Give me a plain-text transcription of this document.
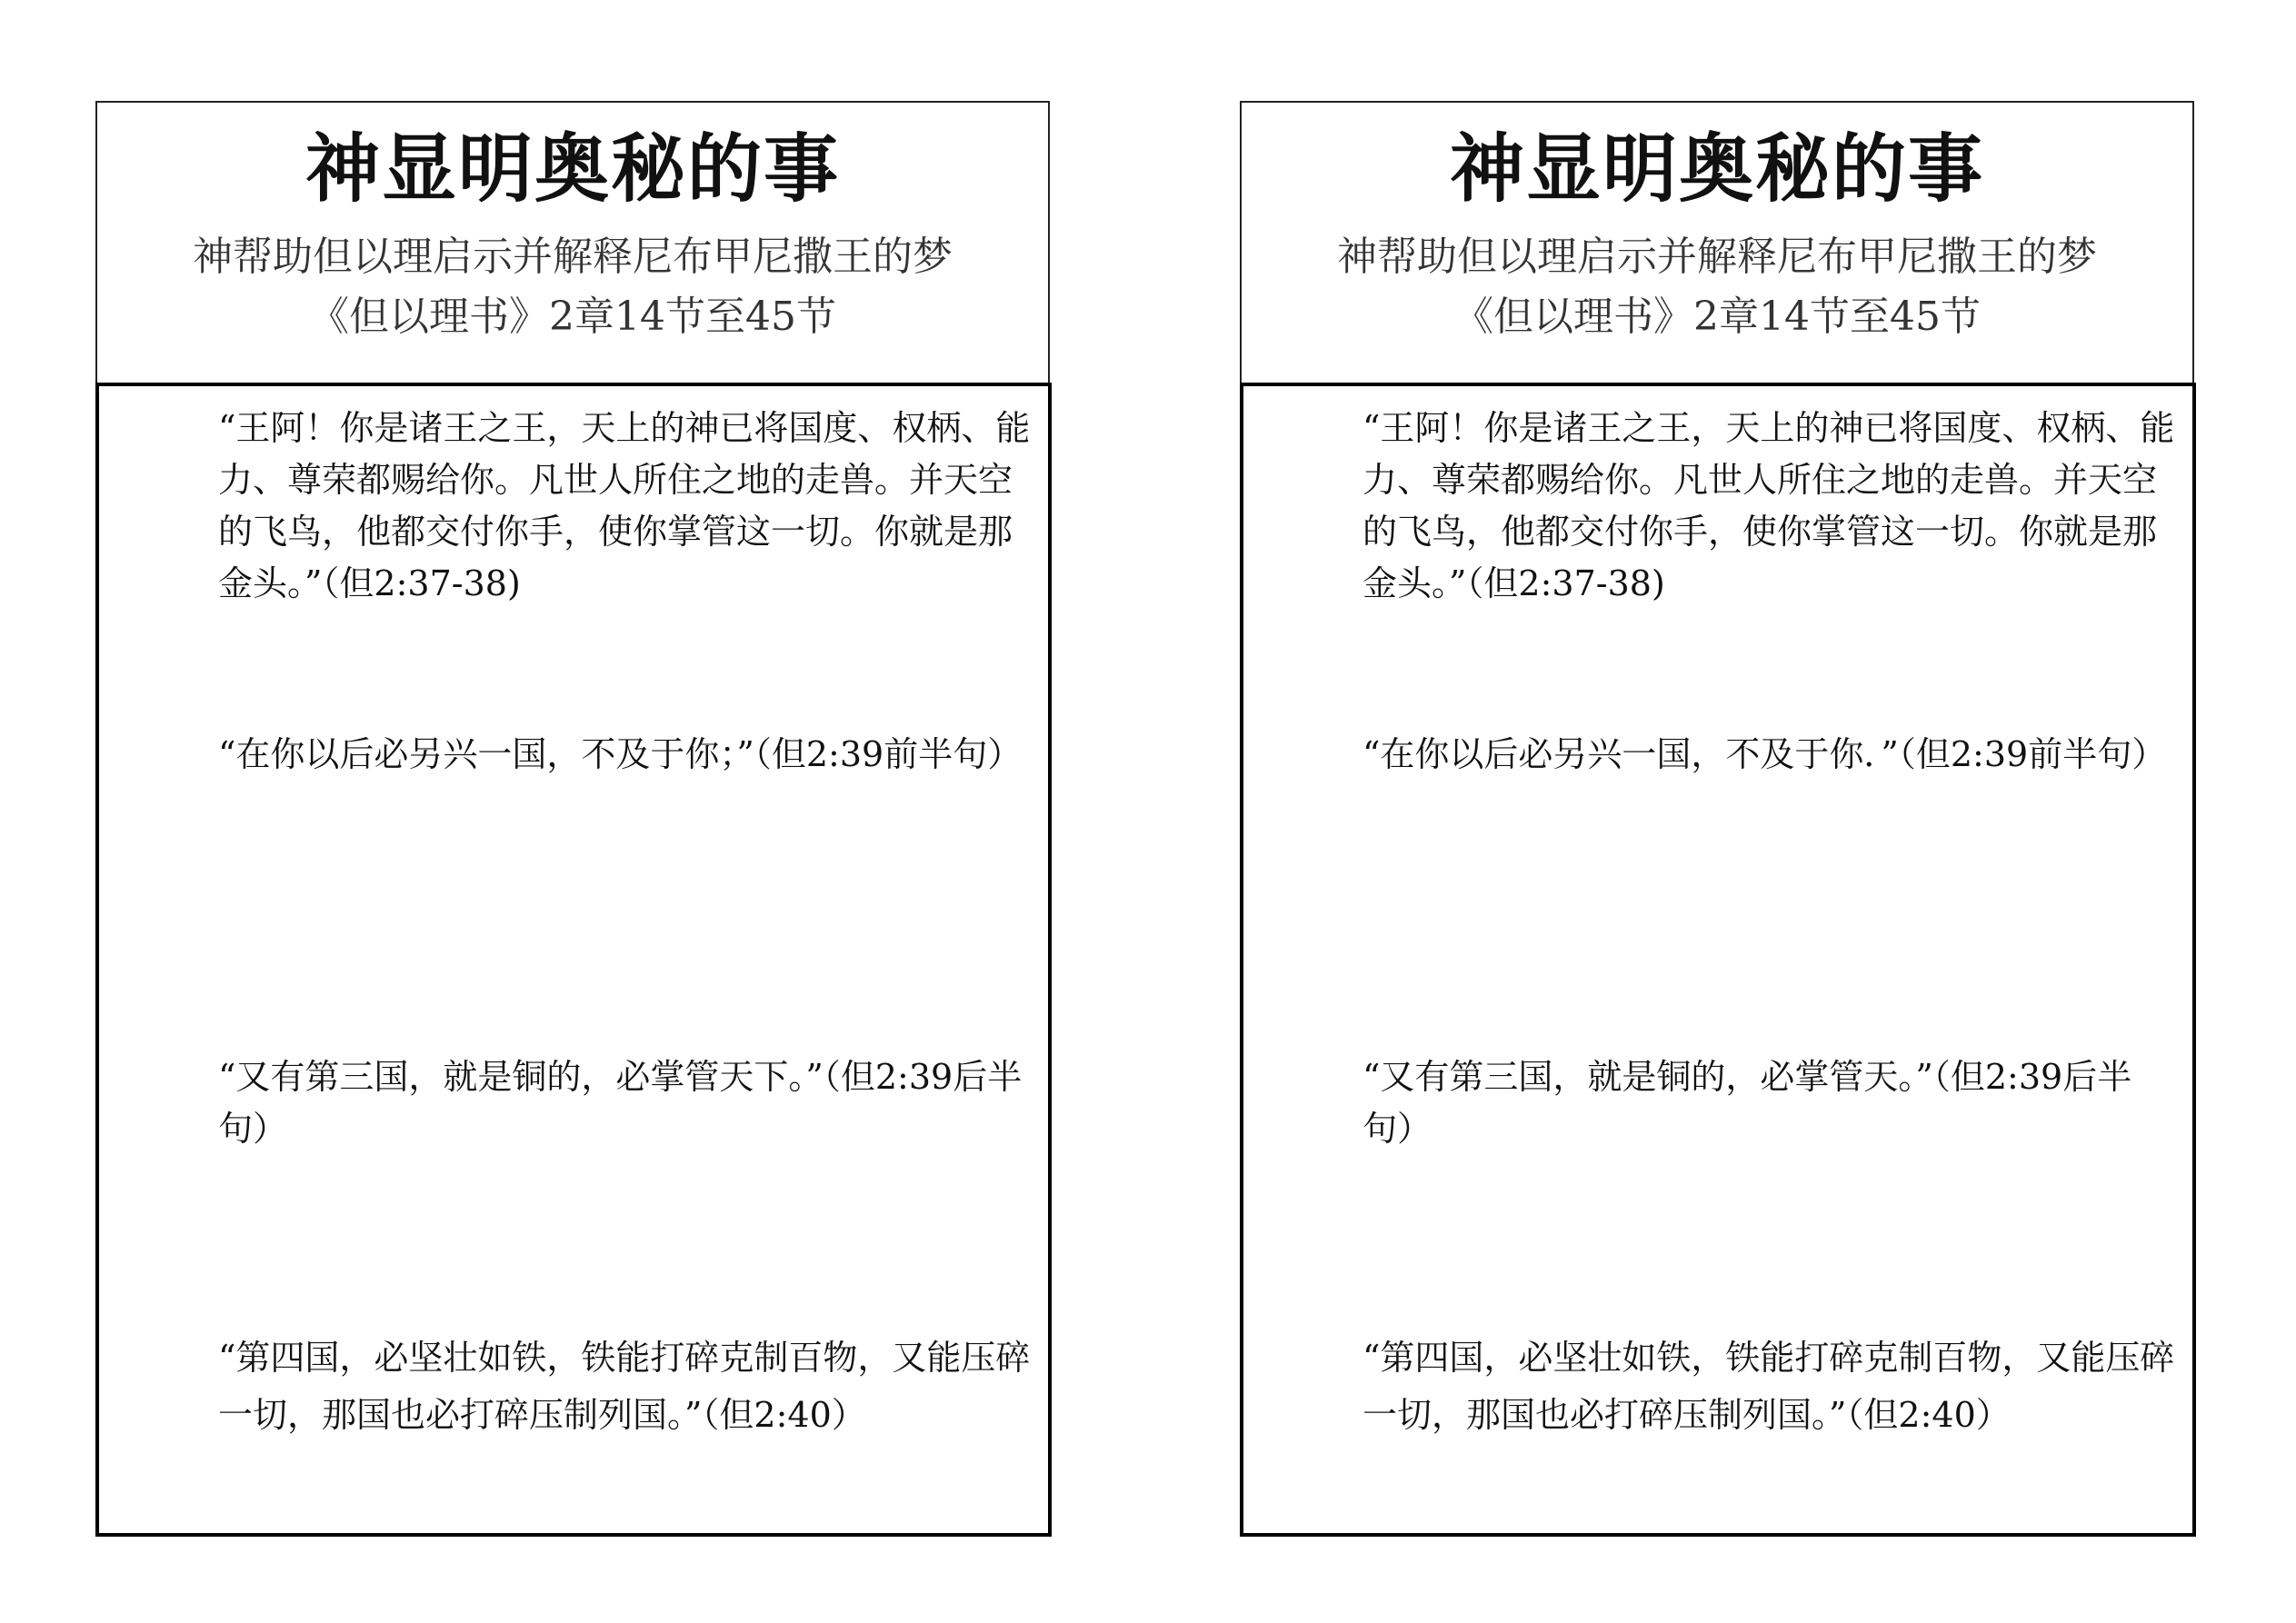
神显明奥秘的事
神帮助但以理启示并解释尼布甲尼撒王的梦
《但以理书》2章14节至45节

“王阿！你是诸王之王，天上的神已将国度、权柄、能力、尊荣都赐给你。凡世人所住之地的走兽。并天空的飞鸟，他都交付你手，使你掌管这一切。你就是那金头。”（但2:37-38)

“在你以后必另兴一国，不及于你；”（但2:39前半句）

“又有第三国，就是铜的，必掌管天下。”（但2:39后半句）

“第四国，必坚壮如铁，铁能打碎克制百物，又能压碎一切，那国也必打碎压制列国。”（但2:40）

神显明奥秘的事
神帮助但以理启示并解释尼布甲尼撒王的梦
《但以理书》2章14节至45节

“王阿！你是诸王之王，天上的神已将国度、权柄、能力、尊荣都赐给你。凡世人所住之地的走兽。并天空的飞鸟，他都交付你手，使你掌管这一切。你就是那金头。”（但2:37-38)

“在你以后必另兴一国，不及于你．”（但2:39前半句）

“又有第三国，就是铜的，必掌管天。”（但2:39后半句）

“第四国，必坚壮如铁，铁能打碎克制百物，又能压碎一切，那国也必打碎压制列国。”（但2:40）
